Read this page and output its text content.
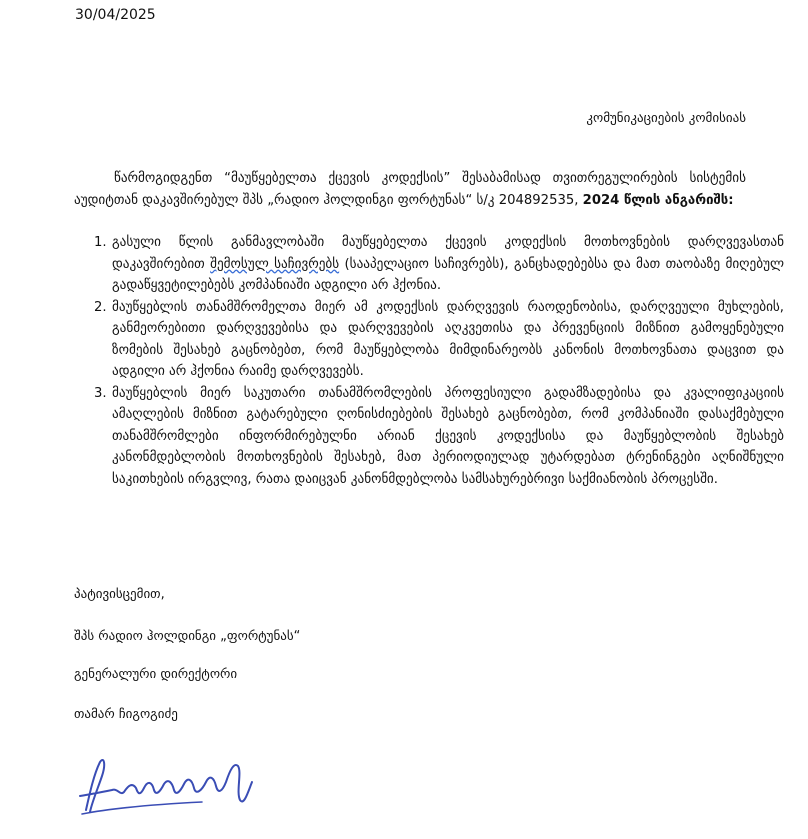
30/04/2025
კომუნიკაციების კომისიას
წარმოგიდგენთ “მაუწყებელთა ქცევის კოდექსის” შესაბამისად თვითრეგულირების სისტემის აუდიტთან დაკავშირებულ შპს „რადიო ჰოლდინგი ფორტუნას“ ს/კ 204892535, 2024 წლის ანგარიშს:
1. გასული წლის განმავლობაში მაუწყებელთა ქცევის კოდექსის მოთხოვნების დარღვევასთან დაკავშირებით შემოსულ საჩივრებს (სააპელაციო საჩივრებს), განცხადებებსა და მათ თაობაზე მიღებულ გადაწყვეტილებებს კომპანიაში ადგილი არ ჰქონია.
2. მაუწყებლის თანამშრომელთა მიერ ამ კოდექსის დარღვევის რაოდენობისა, დარღვეული მუხლების, განმეორებითი დარღვევებისა და დარღვევების აღკვეთისა და პრევენციის მიზნით გამოყენებული ზომების შესახებ გაცნობებთ, რომ მაუწყებლობა მიმდინარეობს კანონის მოთხოვნათა დაცვით და ადგილი არ ჰქონია რაიმე დარღვევებს.
3. მაუწყებლის მიერ საკუთარი თანამშრომლების პროფესიული გადამზადებისა და კვალიფიკაციის ამაღლების მიზნით გატარებული ღონისძიებების შესახებ გაცნობებთ, რომ კომპანიაში დასაქმებული თანამშრომლები ინფორმირებულნი არიან ქცევის კოდექსისა და მაუწყებლობის შესახებ კანონმდებლობის მოთხოვნების შესახებ, მათ პერიოდიულად უტარდებათ ტრენინგები აღნიშნული საკითხების ირგვლივ, რათა დაიცვან კანონმდებლობა სამსახურებრივი საქმიანობის პროცესში.
პატივისცემით,
შპს რადიო ჰოლდინგი „ფორტუნას“
გენერალური დირექტორი
თამარ ჩიგოგიძე
